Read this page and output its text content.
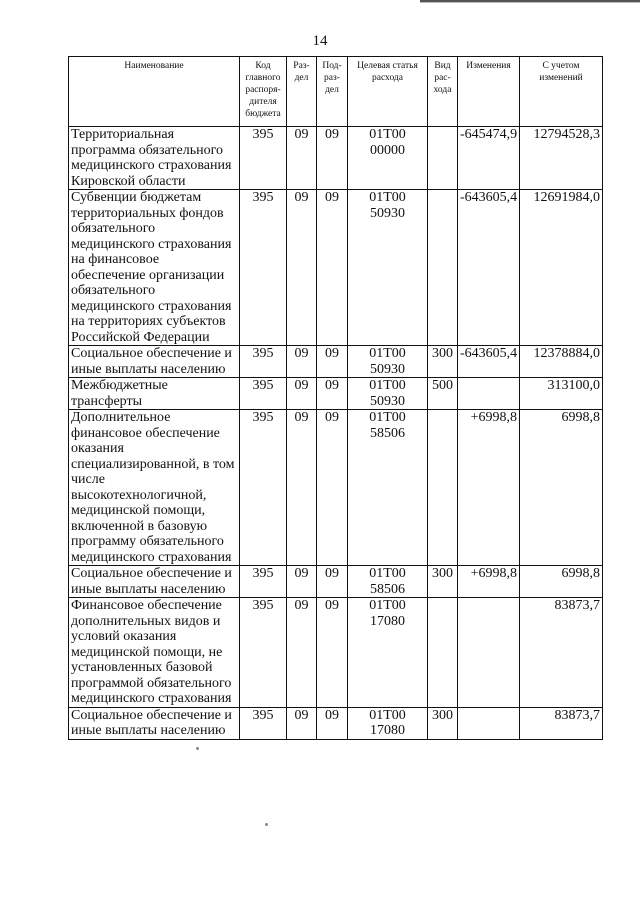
14
Наименование	Код главного распоря- дителя бюджета	Раз- дел	Под- раз- дел	Целевая статья расхода	Вид рас- хода	Изменения	С учетом изменений
Территориальная программа обязательного медицинского страхования Кировской области	395	09	09	01Т00 00000		-645474,9	12794528,3
Субвенции бюджетам территориальных фондов обязательного медицинского страхования на финансовое обеспечение организации обязательного медицинского страхования на территориях субъектов Российской Федерации	395	09	09	01Т00 50930		-643605,4	12691984,0
Социальное обеспечение и иные выплаты населению	395	09	09	01Т00 50930	300	-643605,4	12378884,0
Межбюджетные трансферты	395	09	09	01Т00 50930	500		313100,0
Дополнительное финансовое обеспечение оказания специализированной, в том числе высокотехнологичной, медицинской помощи, включенной в базовую программу обязательного медицинского страхования	395	09	09	01Т00 58506		+6998,8	6998,8
Социальное обеспечение и иные выплаты населению	395	09	09	01Т00 58506	300	+6998,8	6998,8
Финансовое обеспечение дополнительных видов и условий оказания медицинской помощи, не установленных базовой программой обязательного медицинского страхования	395	09	09	01Т00 17080			83873,7
Социальное обеспечение и иные выплаты населению	395	09	09	01Т00 17080	300		83873,7
